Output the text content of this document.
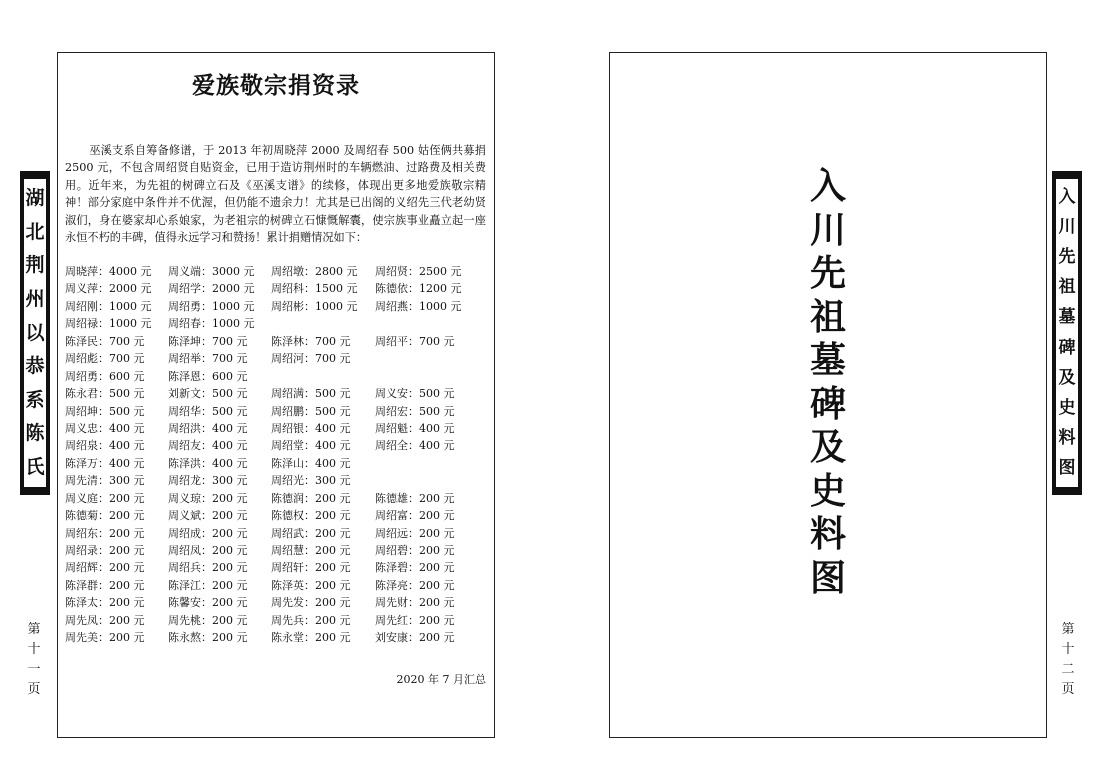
湖
北
荆
州
以
恭
系
陈
氏
爱族敬宗捐资录
巫溪支系自筹备修谱，于 2013 年初周晓萍 2000 及周绍春 500 姑侄俩共募捐 2500 元，不包含周绍贤自贴资金，已用于造访荆州时的车辆燃油、过路费及相关费用。近年来，为先祖的树碑立石及《巫溪支谱》的续修，体现出更多地爱族敬宗精神！部分家庭中条件并不优渥，但仍能不遗余力！尤其是已出阁的义绍先三代老幼贤淑们，身在婆家却心系娘家，为老祖宗的树碑立石慷慨解囊，使宗族事业矗立起一座永恒不朽的丰碑，值得永远学习和赞扬！累计捐赠情况如下：
周晓萍：4000 元 周义端：3000 元 周绍墩：2800 元 周绍贤：2500 元
周义萍：2000 元 周绍学：2000 元 周绍科：1500 元 陈德依：1200 元
周绍刚：1000 元 周绍勇：1000 元 周绍彬：1000 元 周绍燕：1000 元
周绍禄：1000 元 周绍春：1000 元
陈泽民：700 元 陈泽坤：700 元 陈泽林：700 元 周绍平：700 元
周绍彪：700 元 周绍举：700 元 周绍河：700 元
周绍勇：600 元 陈泽恩：600 元
陈永君：500 元 刘新文：500 元 周绍满：500 元 周义安：500 元
周绍坤：500 元 周绍华：500 元 周绍鹏：500 元 周绍宏：500 元
周义忠：400 元 周绍洪：400 元 周绍银：400 元 周绍魁：400 元
周绍泉：400 元 周绍友：400 元 周绍堂：400 元 周绍全：400 元
陈泽万：400 元 陈泽洪：400 元 陈泽山：400 元
周先清：300 元 周绍龙：300 元 周绍光：300 元
周义庭：200 元 周义琼：200 元 陈德润：200 元 陈德雄：200 元
陈德菊：200 元 周义斌：200 元 陈德权：200 元 周绍富：200 元
周绍东：200 元 周绍成：200 元 周绍武：200 元 周绍远：200 元
周绍录：200 元 周绍凤：200 元 周绍慧：200 元 周绍碧：200 元
周绍辉：200 元 周绍兵：200 元 周绍轩：200 元 陈泽碧：200 元
陈泽群：200 元 陈泽江：200 元 陈泽英：200 元 陈泽亮：200 元
陈泽太：200 元 陈馨安：200 元 周先发：200 元 周先财：200 元
周先凤：200 元 周先桃：200 元 周先兵：200 元 周先红：200 元
周先美：200 元 陈永熬：200 元 陈永堂：200 元 刘安康：200 元
2020 年 7 月汇总
第
十
一
页
入
川
先
祖
墓
碑
及
史
料
图
入
川
先
祖
墓
碑
及
史
料
图
第
十
二
页
